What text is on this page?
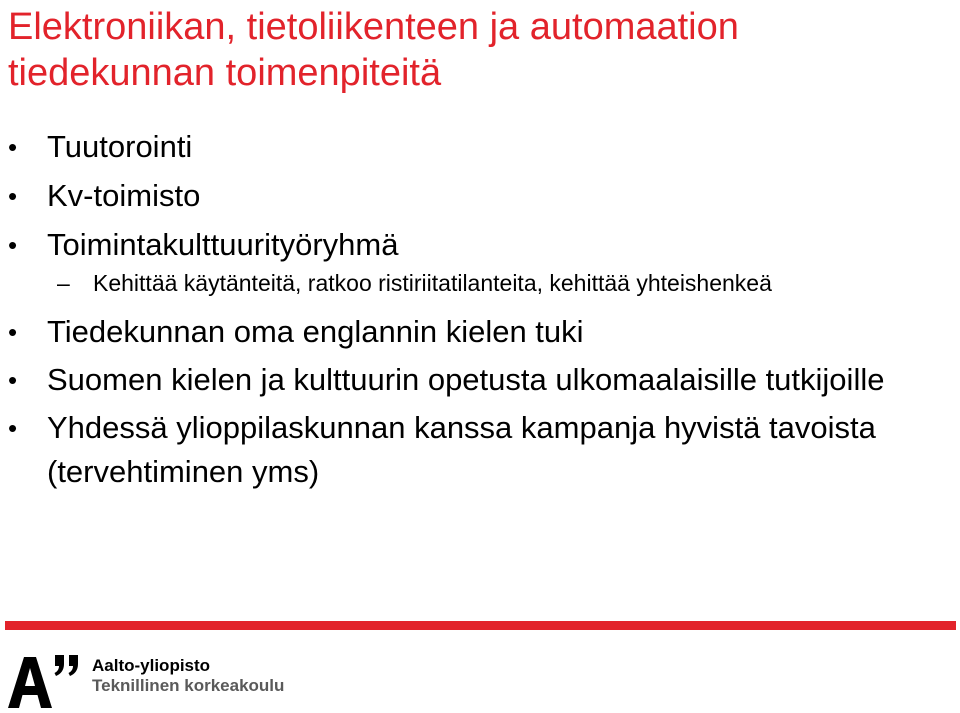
Elektroniikan, tietoliikenteen ja automaation tiedekunnan toimenpiteitä
• Tuutorointi
• Kv-toimisto
• Toimintakulttuurityöryhmä
– Kehittää käytänteitä, ratkoo ristiriitatilanteita, kehittää yhteishenkeä
• Tiedekunnan oma englannin kielen tuki
• Suomen kielen ja kulttuurin opetusta ulkomaalaisille tutkijoille
• Yhdessä ylioppilaskunnan kanssa kampanja hyvistä tavoista (tervehtiminen yms)
Aalto-yliopisto
Teknillinen korkeakoulu
